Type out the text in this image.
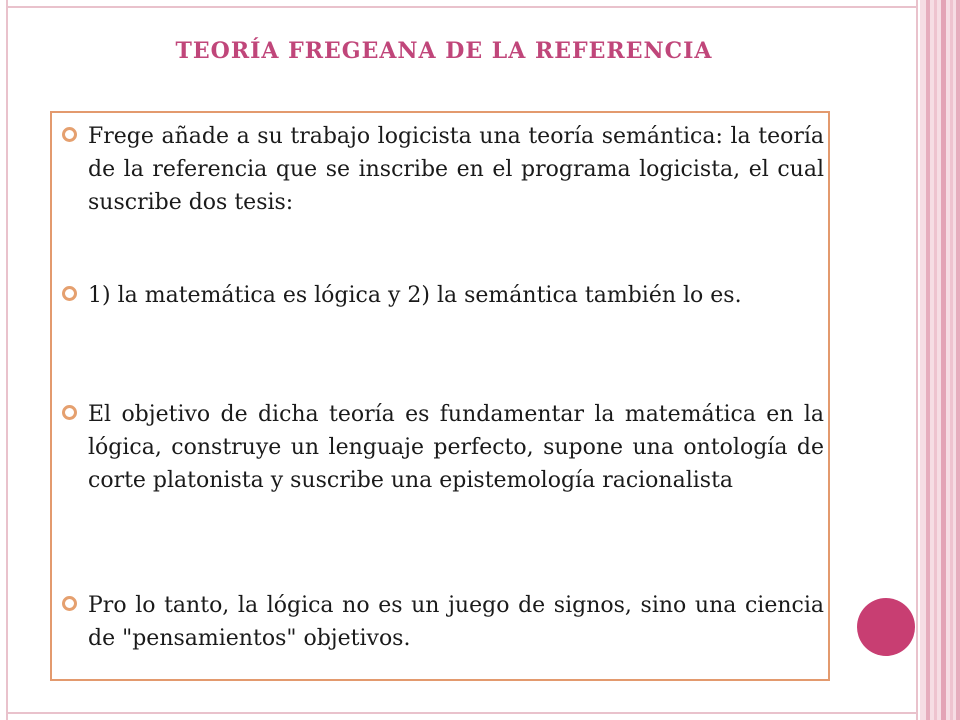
TEORÍA FREGEANA DE LA REFERENCIA

Frege añade a su trabajo logicista una teoría semántica: la teoría de la referencia que se inscribe en el programa logicista, el cual suscribe dos tesis:

1) la matemática es lógica y 2) la semántica también lo es.

El objetivo de dicha teoría es fundamentar la matemática en la lógica, construye un lenguaje perfecto, supone una ontología de corte platonista y suscribe una epistemología racionalista

Pro lo tanto, la lógica no es un juego de signos, sino una ciencia de "pensamientos" objetivos.
